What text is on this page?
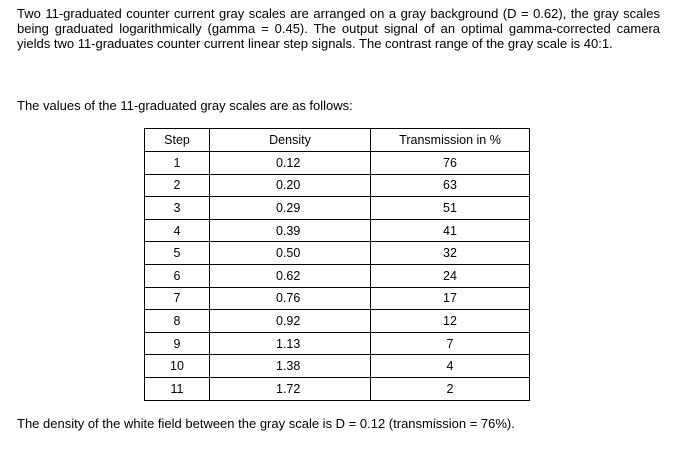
Two 11-graduated counter current gray scales are arranged on a gray background (D = 0.62), the gray scales being graduated logarithmically (gamma = 0.45). The output signal of an optimal gamma-corrected camera yields two 11-graduates counter current linear step signals. The contrast range of the gray scale is 40:1.

The values of the 11-graduated gray scales are as follows:

Step	Density	Transmission in %
1	0.12	76
2	0.20	63
3	0.29	51
4	0.39	41
5	0.50	32
6	0.62	24
7	0.76	17
8	0.92	12
9	1.13	7
10	1.38	4
11	1.72	2

The density of the white field between the gray scale is D = 0.12 (transmission = 76%).
